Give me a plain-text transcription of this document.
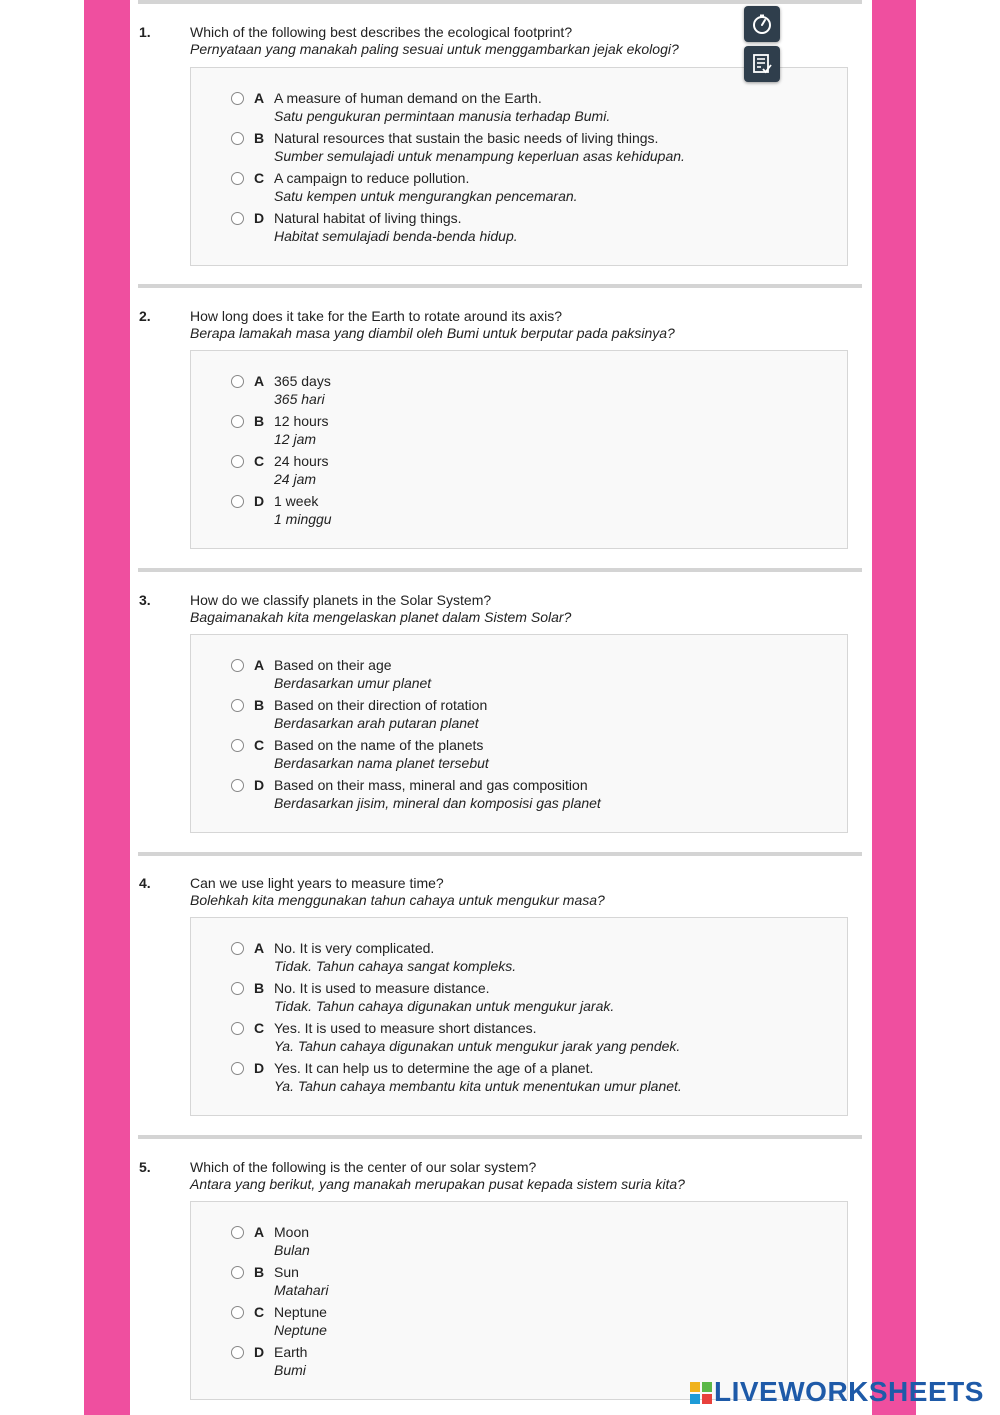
1.	Which of the following best describes the ecological footprint?
Pernyataan yang manakah paling sesuai untuk menggambarkan jejak ekologi?
A A measure of human demand on the Earth.
Satu pengukuran permintaan manusia terhadap Bumi.
B Natural resources that sustain the basic needs of living things.
Sumber semulajadi untuk menampung keperluan asas kehidupan.
C A campaign to reduce pollution.
Satu kempen untuk mengurangkan pencemaran.
D Natural habitat of living things.
Habitat semulajadi benda-benda hidup.
2.	How long does it take for the Earth to rotate around its axis?
Berapa lamakah masa yang diambil oleh Bumi untuk berputar pada paksinya?
A 365 days
365 hari
B 12 hours
12 jam
C 24 hours
24 jam
D 1 week
1 minggu
3.	How do we classify planets in the Solar System?
Bagaimanakah kita mengelaskan planet dalam Sistem Solar?
A Based on their age
Berdasarkan umur planet
B Based on their direction of rotation
Berdasarkan arah putaran planet
C Based on the name of the planets
Berdasarkan nama planet tersebut
D Based on their mass, mineral and gas composition
Berdasarkan jisim, mineral dan komposisi gas planet
4.	Can we use light years to measure time?
Bolehkah kita menggunakan tahun cahaya untuk mengukur masa?
A No. It is very complicated.
Tidak. Tahun cahaya sangat kompleks.
B No. It is used to measure distance.
Tidak. Tahun cahaya digunakan untuk mengukur jarak.
C Yes. It is used to measure short distances.
Ya. Tahun cahaya digunakan untuk mengukur jarak yang pendek.
D Yes. It can help us to determine the age of a planet.
Ya. Tahun cahaya membantu kita untuk menentukan umur planet.
5.	Which of the following is the center of our solar system?
Antara yang berikut, yang manakah merupakan pusat kepada sistem suria kita?
A Moon
Bulan
B Sun
Matahari
C Neptune
Neptune
D Earth
Bumi
LIVEWORKSHEETS
